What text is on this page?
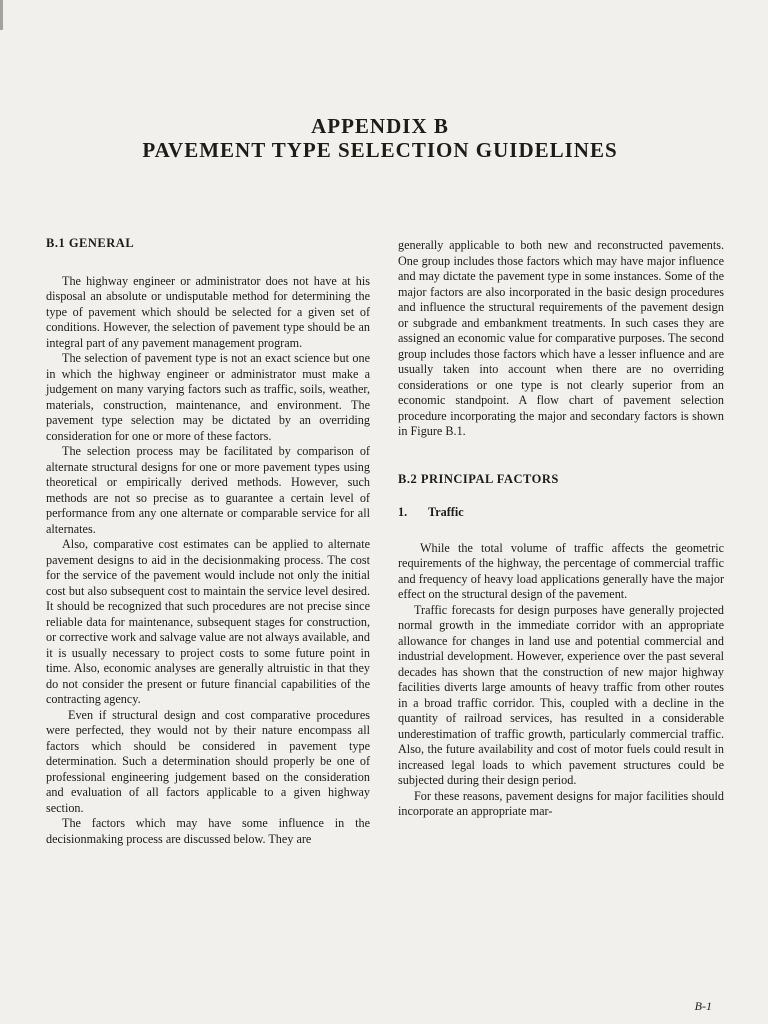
APPENDIX B
PAVEMENT TYPE SELECTION GUIDELINES

B.1 GENERAL

The highway engineer or administrator does not have at his disposal an absolute or undisputable method for determining the type of pavement which should be selected for a given set of conditions. However, the selection of pavement type should be an integral part of any pavement management program.

The selection of pavement type is not an exact science but one in which the highway engineer or administrator must make a judgement on many varying factors such as traffic, soils, weather, materials, construction, maintenance, and environment. The pavement type selection may be dictated by an overriding consideration for one or more of these factors.

The selection process may be facilitated by comparison of alternate structural designs for one or more pavement types using theoretical or empirically derived methods. However, such methods are not so precise as to guarantee a certain level of performance from any one alternate or comparable service for all alternates.

Also, comparative cost estimates can be applied to alternate pavement designs to aid in the decisionmaking process. The cost for the service of the pavement would include not only the initial cost but also subsequent cost to maintain the service level desired. It should be recognized that such procedures are not precise since reliable data for maintenance, subsequent stages for construction, or corrective work and salvage value are not always available, and it is usually necessary to project costs to some future point in time. Also, economic analyses are generally altruistic in that they do not consider the present or future financial capabilities of the contracting agency.

Even if structural design and cost comparative procedures were perfected, they would not by their nature encompass all factors which should be considered in pavement type determination. Such a determination should properly be one of professional engineering judgement based on the consideration and evaluation of all factors applicable to a given highway section.

The factors which may have some influence in the decisionmaking process are discussed below. They are

generally applicable to both new and reconstructed pavements. One group includes those factors which may have major influence and may dictate the pavement type in some instances. Some of the major factors are also incorporated in the basic design procedures and influence the structural requirements of the pavement design or subgrade and embankment treatments. In such cases they are assigned an economic value for comparative purposes. The second group includes those factors which have a lesser influence and are usually taken into account when there are no overriding considerations or one type is not clearly superior from an economic standpoint. A flow chart of pavement selection procedure incorporating the major and secondary factors is shown in Figure B.1.

B.2 PRINCIPAL FACTORS

1. Traffic

While the total volume of traffic affects the geometric requirements of the highway, the percentage of commercial traffic and frequency of heavy load applications generally have the major effect on the structural design of the pavement.

Traffic forecasts for design purposes have generally projected normal growth in the immediate corridor with an appropriate allowance for changes in land use and potential commercial and industrial development. However, experience over the past several decades has shown that the construction of new major highway facilities diverts large amounts of heavy traffic from other routes in a broad traffic corridor. This, coupled with a decline in the quantity of railroad services, has resulted in a considerable underestimation of traffic growth, particularly commercial traffic. Also, the future availability and cost of motor fuels could result in increased legal loads to which pavement structures could be subjected during their design period.

For these reasons, pavement designs for major facilities should incorporate an appropriate mar-

B-1
